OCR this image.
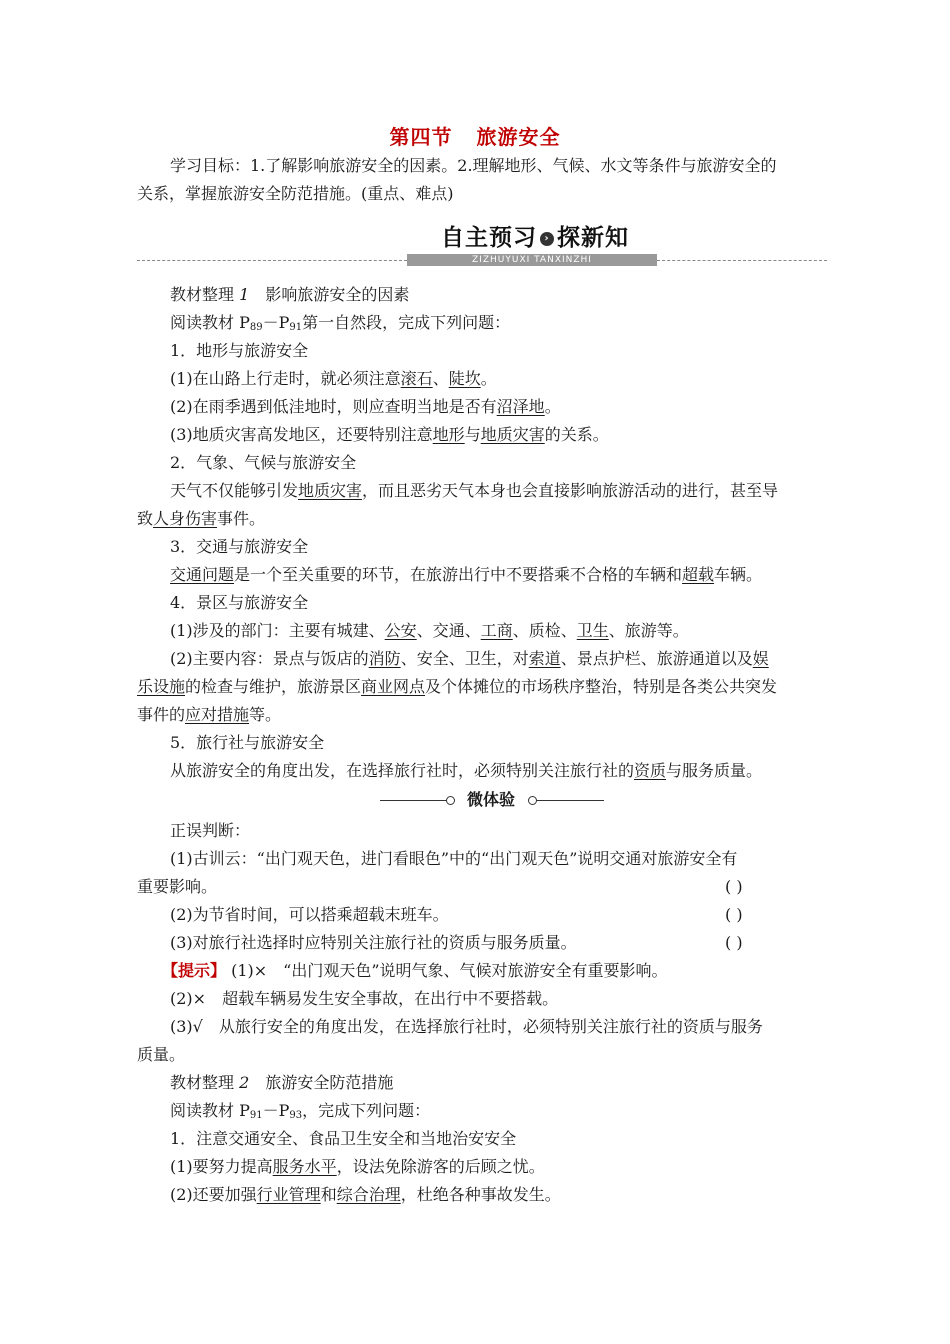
第四节 旅游安全
学习目标：1.了解影响旅游安全的因素。2.理解地形、气候、水文等条件与旅游安全的
关系，掌握旅游安全防范措施。(重点、难点)
自主预习 › 探新知
ZIZHUYUXI TANXINZHI
教材整理 1　 影响旅游安全的因素
阅读教材 $P_{89}-P_{91}$第一自然段，完成下列问题：
1．地形与旅游安全
(1)在山路上行走时，就必须注意滚石、陡坎。
(2)在雨季遇到低洼地时，则应查明当地是否有沼泽地。
(3)地质灾害高发地区，还要特别注意地形与地质灾害的关系。
2．气象、气候与旅游安全
天气不仅能够引发地质灾害，而且恶劣天气本身也会直接影响旅游活动的进行，甚至导
致人身伤害事件。
3．交通与旅游安全
交通问题是一个至关重要的环节，在旅游出行中不要搭乘不合格的车辆和超载车辆。
4．景区与旅游安全
(1)涉及的部门：主要有城建、公安、交通、工商、质检、卫生、旅游等。
(2)主要内容：景点与饭店的消防、安全、卫生，对索道、景点护栏、旅游通道以及娱
乐设施的检查与维护，旅游景区商业网点及个体摊位的市场秩序整治，特别是各类公共突发
事件的应对措施等。
5．旅行社与旅游安全
从旅游安全的角度出发，在选择旅行社时，必须特别关注旅行社的资质与服务质量。
微体验
正误判断：
(1)古训云：“出门观天色，进门看眼色”中的“出门观天色”说明交通对旅游安全有
重要影响。	( )
(2)为节省时间，可以搭乘超载末班车。	( )
(3)对旅行社选择时应特别关注旅行社的资质与服务质量。	( )
【提示】 (1)×　“出门观天色”说明气象、气候对旅游安全有重要影响。
(2)×　超载车辆易发生安全事故，在出行中不要搭载。
(3)√　从旅行安全的角度出发，在选择旅行社时，必须特别关注旅行社的资质与服务
质量。
教材整理 2　 旅游安全防范措施
阅读教材 $P_{91}-P_{93}$，完成下列问题：
1．注意交通安全、食品卫生安全和当地治安安全
(1)要努力提高服务水平，设法免除游客的后顾之忧。
(2)还要加强行业管理和综合治理，杜绝各种事故发生。
